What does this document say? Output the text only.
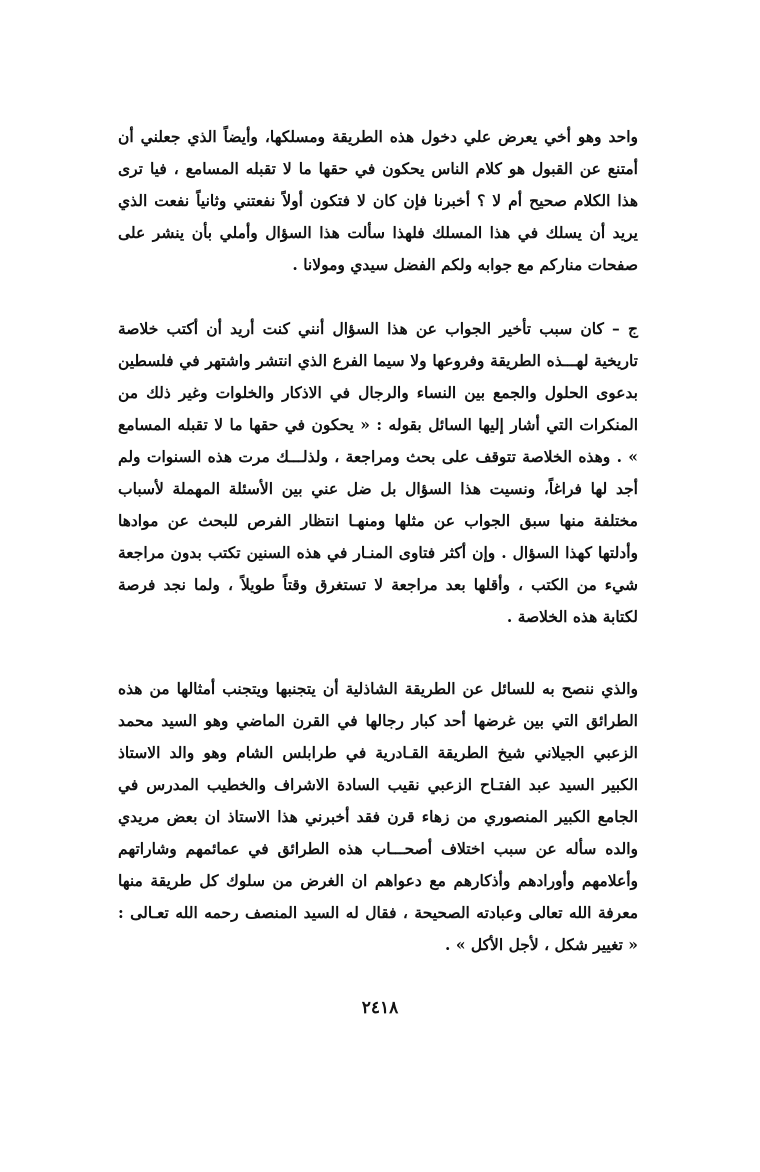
واحد وهو أخي يعرض علي دخول هذه الطريقة ومسلكها، وأيضاً الذي جعلني أن أمتنع عن القبول هو كلام الناس يحكون في حقها ما لا تقبله المسامع ، فيا ترى هذا الكلام صحيح أم لا ؟ أخبرنا فإن كان لا فتكون أولاً نفعتني وثانياً نفعت الذي يريد أن يسلك في هذا المسلك فلهذا سألت هذا السؤال وأملي بأن ينشر على صفحات منارکم مع جوابه ولكم الفضل سيدي ومولانا .

ج – كان سبب تأخير الجواب عن هذا السؤال أنني كنت أريد أن أكتب خلاصة تاريخية لهـــذه الطريقة وفروعها ولا سيما الفرع الذي انتشر واشتهر في فلسطين بدعوى الحلول والجمع بين النساء والرجال في الاذكار والخلوات وغير ذلك من المنكرات التي أشار إليها السائل بقوله : « يحكون في حقها ما لا تقبله المسامع » . وهذه الخلاصة تتوقف على بحث ومراجعة ، ولذلـــك مرت هذه السنوات ولم أجد لها فراغاً، ونسيت هذا السؤال بل ضل عني بين الأسئلة المهملة لأسباب مختلفة منها سبق الجواب عن مثلها ومنهـا انتظار الفرص للبحث عن موادها وأدلتها كهذا السؤال . وإن أكثر فتاوى المنـار في هذه السنين تكتب بدون مراجعة شيء من الكتب ، وأقلها بعد مراجعة لا تستغرق وقتاً طويلاً ، ولما نجد فرصة لكتابة هذه الخلاصة .

والذي ننصح به للسائل عن الطريقة الشاذلية أن يتجنبها ويتجنب أمثالها من هذه الطرائق التي بين غرضها أحد كبار رجالها في القرن الماضي وهو السيد محمد الزعبي الجيلاني شيخ الطريقة القـادرية في طرابلس الشام وهو والد الاستاذ الكبير السيد عبد الفتـاح الزعبي نقيب السادة الاشراف والخطيب المدرس في الجامع الكبير المنصوري من زهاء قرن فقد أخبرني هذا الاستاذ ان بعض مريدي والده سأله عن سبب اختلاف أصحـــاب هذه الطرائق في عمائمهم وشاراتهم وأعلامهم وأورادهم وأذكارهم مع دعواهم ان الغرض من سلوك كل طريقة منها معرفة الله تعالى وعبادته الصحيحة ، فقال له السيد المنصف رحمه الله تعـالى : « تغيير شكل ، لأجل الأكل » .

٢٤١٨
